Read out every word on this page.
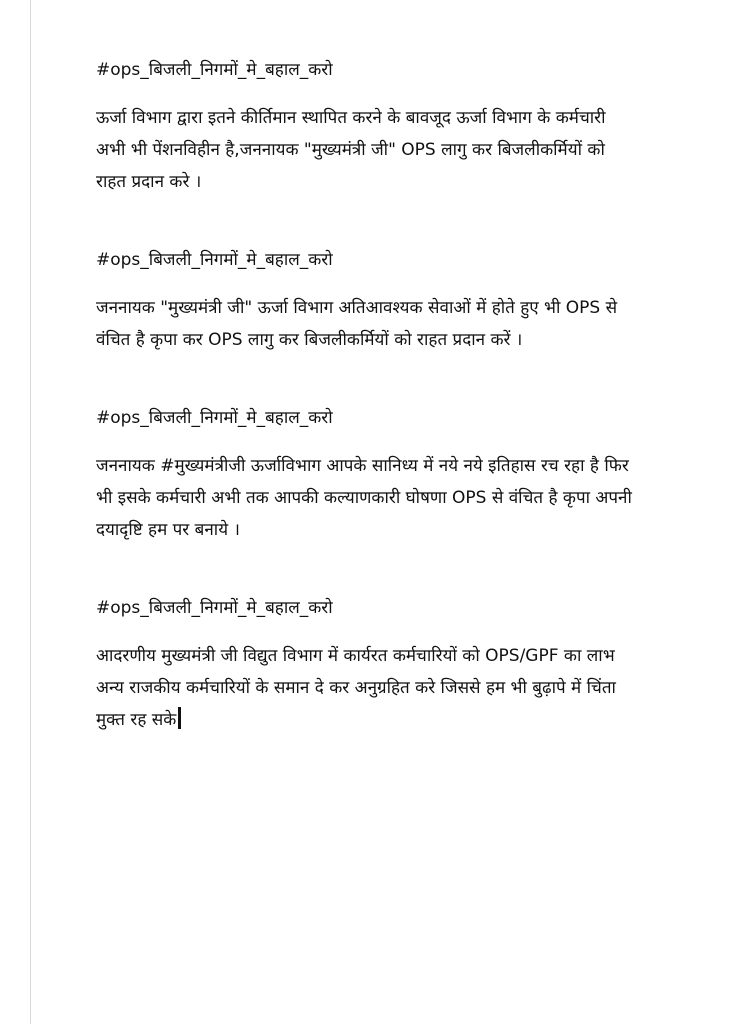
#ops_बिजली_निगमों_मे_बहाल_करो

ऊर्जा विभाग द्वारा इतने कीर्तिमान स्थापित करने के बावजूद ऊर्जा विभाग के कर्मचारी अभी भी पेंशनविहीन है,जननायक "मुख्यमंत्री जी" OPS लागु कर बिजलीकर्मियों को राहत प्रदान करे ।

#ops_बिजली_निगमों_मे_बहाल_करो

जननायक "मुख्यमंत्री जी" ऊर्जा विभाग अतिआवश्यक सेवाओं में होते हुए भी OPS से वंचित है कृपा कर OPS लागु कर बिजलीकर्मियों को राहत प्रदान करें ।

#ops_बिजली_निगमों_मे_बहाल_करो

जननायक #मुख्यमंत्रीजी ऊर्जाविभाग आपके सानिध्य में नये नये इतिहास रच रहा है फिर भी इसके कर्मचारी अभी तक आपकी कल्याणकारी घोषणा OPS से वंचित है कृपा अपनी दयादृष्टि हम पर बनाये ।

#ops_बिजली_निगमों_मे_बहाल_करो

आदरणीय मुख्यमंत्री जी विद्युत विभाग में कार्यरत कर्मचारियों को OPS/GPF का लाभ अन्य राजकीय कर्मचारियों के समान दे कर अनुग्रहित करे जिससे हम भी बुढ़ापे में चिंता मुक्त रह सके
